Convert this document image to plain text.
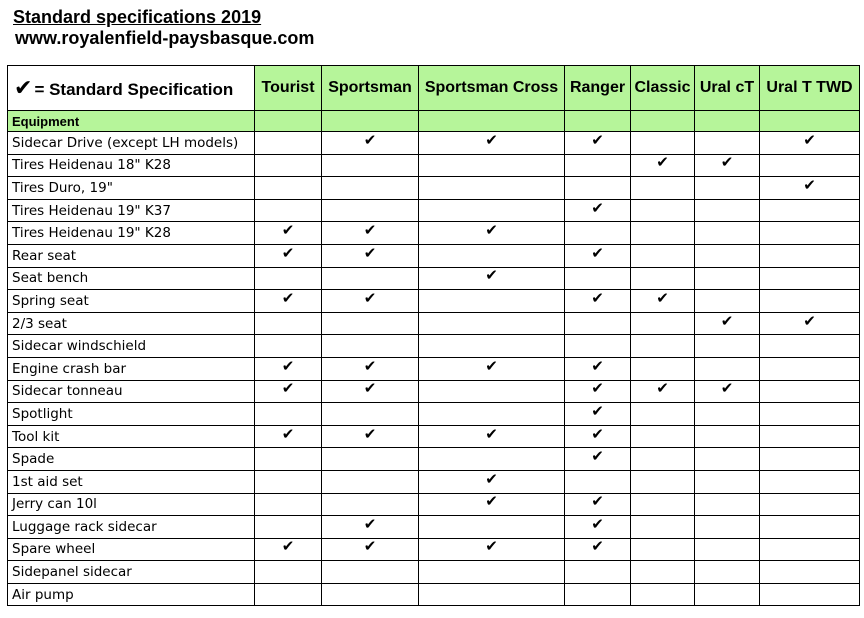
Standard specifications 2019
www.royalenfield-paysbasque.com
✔ = Standard Specification	Tourist	Sportsman	Sportsman Cross	Ranger	Classic	Ural cT	Ural T TWD
Equipment							
Sidecar Drive (except LH models)		✔	✔	✔			✔
Tires Heidenau 18" K28					✔	✔	
Tires Duro, 19"							✔
Tires Heidenau 19" K37				✔			
Tires Heidenau 19" K28	✔	✔	✔				
Rear seat	✔	✔		✔			
Seat bench			✔				
Spring seat	✔	✔		✔	✔		
2/3 seat						✔	✔
Sidecar windschield							
Engine crash bar	✔	✔	✔	✔			
Sidecar tonneau	✔	✔		✔	✔	✔	
Spotlight				✔			
Tool kit	✔	✔	✔	✔			
Spade				✔			
1st aid set			✔				
Jerry can 10l			✔	✔			
Luggage rack sidecar		✔		✔			
Spare wheel	✔	✔	✔	✔			
Sidepanel sidecar							
Air pump							
